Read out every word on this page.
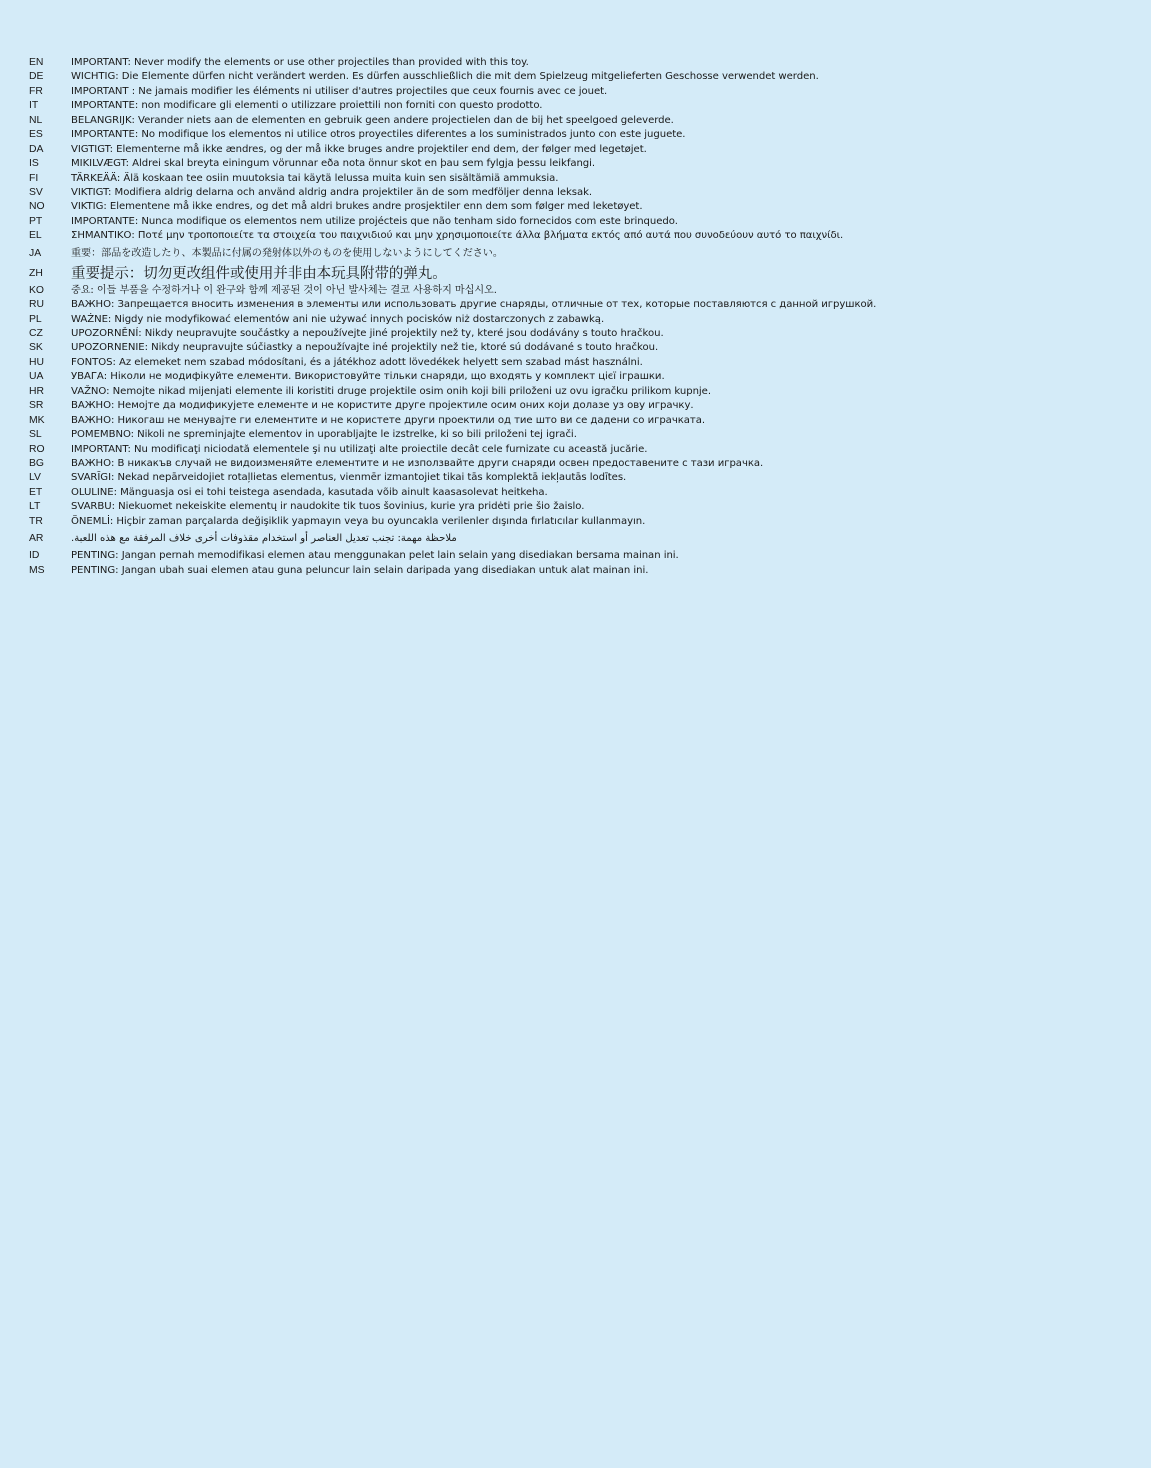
EN	IMPORTANT: Never modify the elements or use other projectiles than provided with this toy.
DE	WICHTIG: Die Elemente dürfen nicht verändert werden. Es dürfen ausschließlich die mit dem Spielzeug mitgelieferten Geschosse verwendet werden.
FR	IMPORTANT : Ne jamais modifier les éléments ni utiliser d'autres projectiles que ceux fournis avec ce jouet.
IT	IMPORTANTE: non modificare gli elementi o utilizzare proiettili non forniti con questo prodotto.
NL	BELANGRIJK: Verander niets aan de elementen en gebruik geen andere projectielen dan de bij het speelgoed geleverde.
ES	IMPORTANTE: No modifique los elementos ni utilice otros proyectiles diferentes a los suministrados junto con este juguete.
DA	VIGTIGT: Elementerne må ikke ændres, og der må ikke bruges andre projektiler end dem, der følger med legetøjet.
IS	MIKILVÆGT: Aldrei skal breyta einingum vörunnar eða nota önnur skot en þau sem fylgja þessu leikfangi.
FI	TÄRKEÄÄ: Älä koskaan tee osiin muutoksia tai käytä lelussa muita kuin sen sisältämiä ammuksia.
SV	VIKTIGT: Modifiera aldrig delarna och använd aldrig andra projektiler än de som medföljer denna leksak.
NO	VIKTIG: Elementene må ikke endres, og det må aldri brukes andre prosjektiler enn dem som følger med leketøyet.
PT	IMPORTANTE: Nunca modifique os elementos nem utilize projécteis que não tenham sido fornecidos com este brinquedo.
EL	ΣΗΜΑΝΤΙΚΟ: Ποτέ μην τροποποιείτε τα στοιχεία του παιχνιδιού και μην χρησιμοποιείτε άλλα βλήματα εκτός από αυτά που συνοδεύουν αυτό το παιχνίδι.
JA	重要：部品を改造したり、本製品に付属の発射体以外のものを使用しないようにしてください。
ZH	重要提示：切勿更改组件或使用并非由本玩具附带的弹丸。
KO	중요: 이들 부품을 수정하거나 이 완구와 함께 제공된 것이 아닌 발사체는 결코 사용하지 마십시오.
RU	ВАЖНО: Запрещается вносить изменения в элементы или использовать другие снаряды, отличные от тех, которые поставляются с данной игрушкой.
PL	WAŻNE: Nigdy nie modyfikować elementów ani nie używać innych pocisków niż dostarczonych z zabawką.
CZ	UPOZORNĚNÍ: Nikdy neupravujte součástky a nepoužívejte jiné projektily než ty, které jsou dodávány s touto hračkou.
SK	UPOZORNENIE: Nikdy neupravujte súčiastky a nepoužívajte iné projektily než tie, ktoré sú dodávané s touto hračkou.
HU	FONTOS: Az elemeket nem szabad módosítani, és a játékhoz adott lövedékek helyett sem szabad mást használni.
UA	УВАГА: Ніколи не модифікуйте елементи. Використовуйте тільки снаряди, що входять у комплект цієї іграшки.
HR	VAŽNO: Nemojte nikad mijenjati elemente ili koristiti druge projektile osim onih koji bili priloženi uz ovu igračku prilikom kupnje.
SR	ВАЖНО: Немојте да модификујете елементе и не користите друге пројектиле осим оних који долазе уз ову играчку.
MK	ВАЖНО: Никогаш не менувајте ги елементите и не користете други проектили од тие што ви се дадени со играчката.
SL	POMEMBNO: Nikoli ne spreminjajte elementov in uporabljajte le izstrelke, ki so bili priloženi tej igrači.
RO	IMPORTANT: Nu modificaţi niciodată elementele şi nu utilizaţi alte proiectile decât cele furnizate cu această jucărie.
BG	ВАЖНО: В никакъв случай не видоизменяйте елементите и не използвайте други снаряди освен предоставените с тази играчка.
LV	SVARĪGI: Nekad nepārveidojiet rotaļlietas elementus, vienmēr izmantojiet tikai tās komplektā iekļautās lodītes.
ET	OLULINE: Mänguasja osi ei tohi teistega asendada, kasutada võib ainult kaasasolevat heitkeha.
LT	SVARBU: Niekuomet nekeiskite elementų ir naudokite tik tuos šovinius, kurie yra pridėti prie šio žaislo.
TR	ÖNEMLİ: Hiçbir zaman parçalarda değişiklik yapmayın veya bu oyuncakla verilenler dışında fırlatıcılar kullanmayın.
AR	ملاحظة مهمة: تجنب تعديل العناصر أو استخدام مقذوفات أخرى خلاف المرفقة مع هذه اللعبة.
ID	PENTING: Jangan pernah memodifikasi elemen atau menggunakan pelet lain selain yang disediakan bersama mainan ini.
MS	PENTING: Jangan ubah suai elemen atau guna peluncur lain selain daripada yang disediakan untuk alat mainan ini.
